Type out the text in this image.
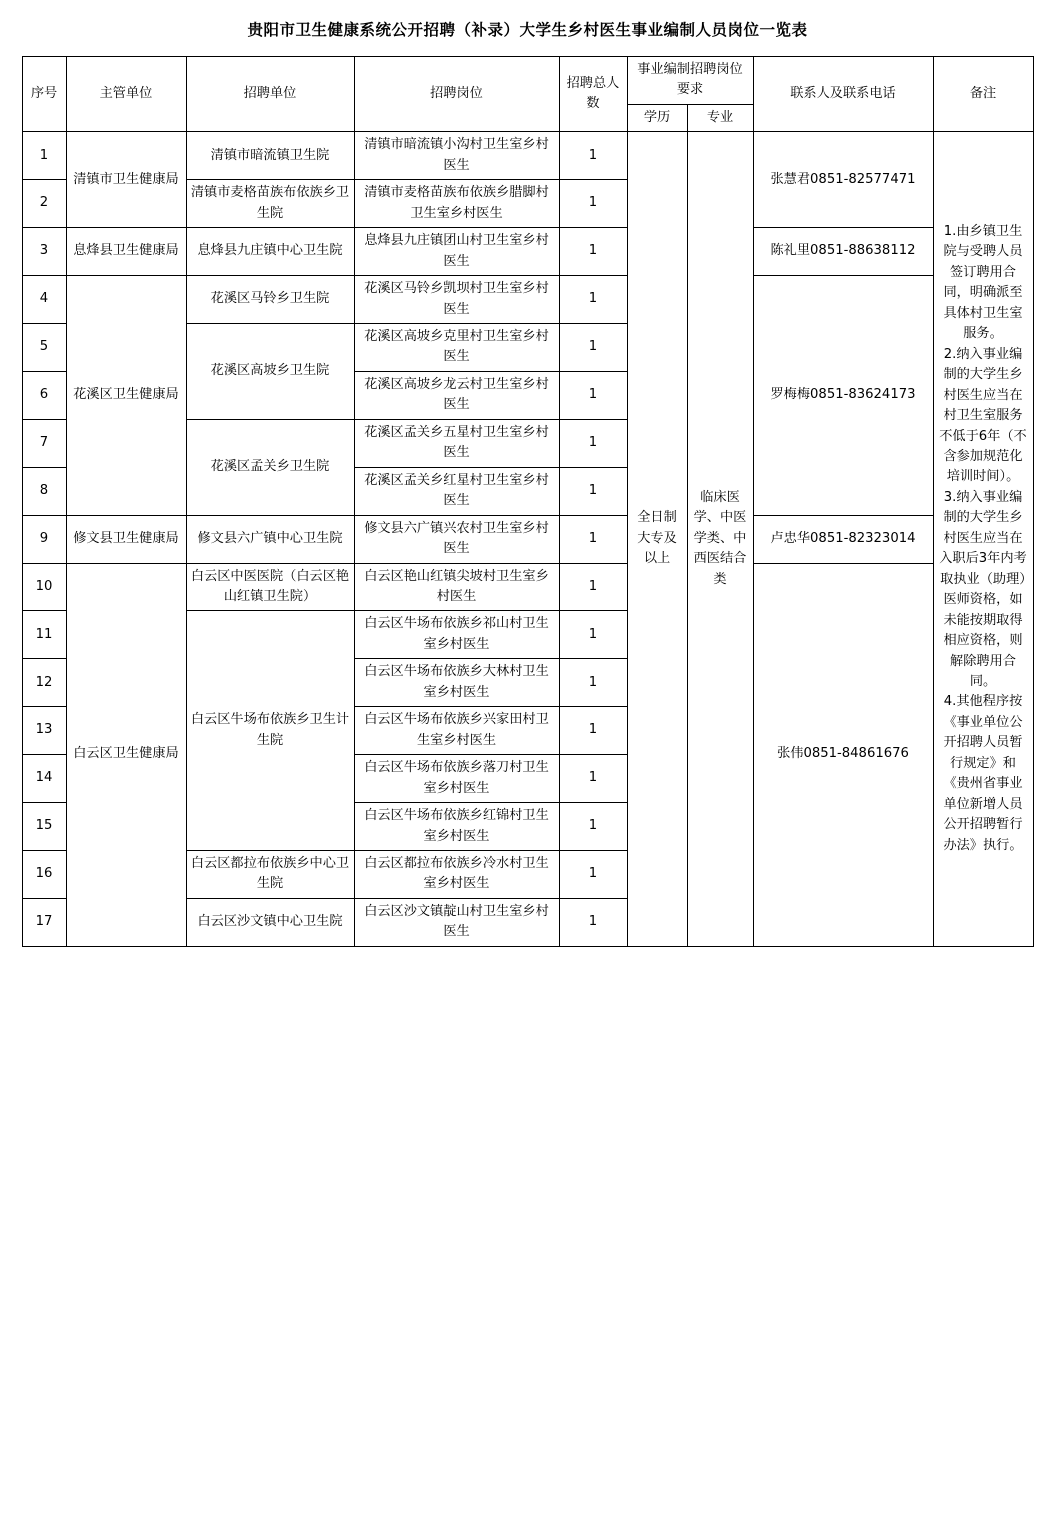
贵阳市卫生健康系统公开招聘（补录）大学生乡村医生事业编制人员岗位一览表
序号	主管单位	招聘单位	招聘岗位	招聘总人数	事业编制招聘岗位要求		联系人及联系电话	备注
					学历	专业		
1	清镇市卫生健康局	清镇市暗流镇卫生院	清镇市暗流镇小沟村卫生室乡村医生	1	全日制大专及以上	临床医学、中医学类、中西医结合类	张慧君0851-82577471	1.由乡镇卫生院与受聘人员签订聘用合同，明确派至具体村卫生室服务。

2.纳入事业编制的大学生乡村医生应当在村卫生室服务不低于6年（不含参加规范化培训时间）。

3.纳入事业编制的大学生乡村医生应当在入职后3年内考取执业（助理）医师资格，如未能按期取得相应资格，则解除聘用合同。

4.其他程序按《事业单位公开招聘人员暂行规定》和《贵州省事业单位新增人员公开招聘暂行办法》执行。

2		清镇市麦格苗族布依族乡卫生院	清镇市麦格苗族布依族乡腊脚村卫生室乡村医生	1				
3	息烽县卫生健康局	息烽县九庄镇中心卫生院	息烽县九庄镇团山村卫生室乡村医生	1			陈礼里0851-88638112	
4	花溪区卫生健康局	花溪区马铃乡卫生院	花溪区马铃乡凯坝村卫生室乡村医生	1			罗梅梅0851-83624173	
5		花溪区高坡乡卫生院	花溪区高坡乡克里村卫生室乡村医生	1				
6			花溪区高坡乡龙云村卫生室乡村医生	1				
7		花溪区孟关乡卫生院	花溪区孟关乡五星村卫生室乡村医生	1				
8			花溪区孟关乡红星村卫生室乡村医生	1				
9	修文县卫生健康局	修文县六广镇中心卫生院	修文县六广镇兴农村卫生室乡村医生	1			卢忠华0851-82323014	
10	白云区卫生健康局	白云区中医医院（白云区艳山红镇卫生院）	白云区艳山红镇尖坡村卫生室乡村医生	1			张伟0851-84861676	
11		白云区牛场布依族乡卫生计生院	白云区牛场布依族乡祁山村卫生室乡村医生	1				
12			白云区牛场布依族乡大林村卫生室乡村医生	1				
13			白云区牛场布依族乡兴家田村卫生室乡村医生	1				
14			白云区牛场布依族乡落刀村卫生室乡村医生	1				
15			白云区牛场布依族乡红锦村卫生室乡村医生	1				
16		白云区都拉布依族乡中心卫生院	白云区都拉布依族乡冷水村卫生室乡村医生	1				
17		白云区沙文镇中心卫生院	白云区沙文镇靛山村卫生室乡村医生	1				
